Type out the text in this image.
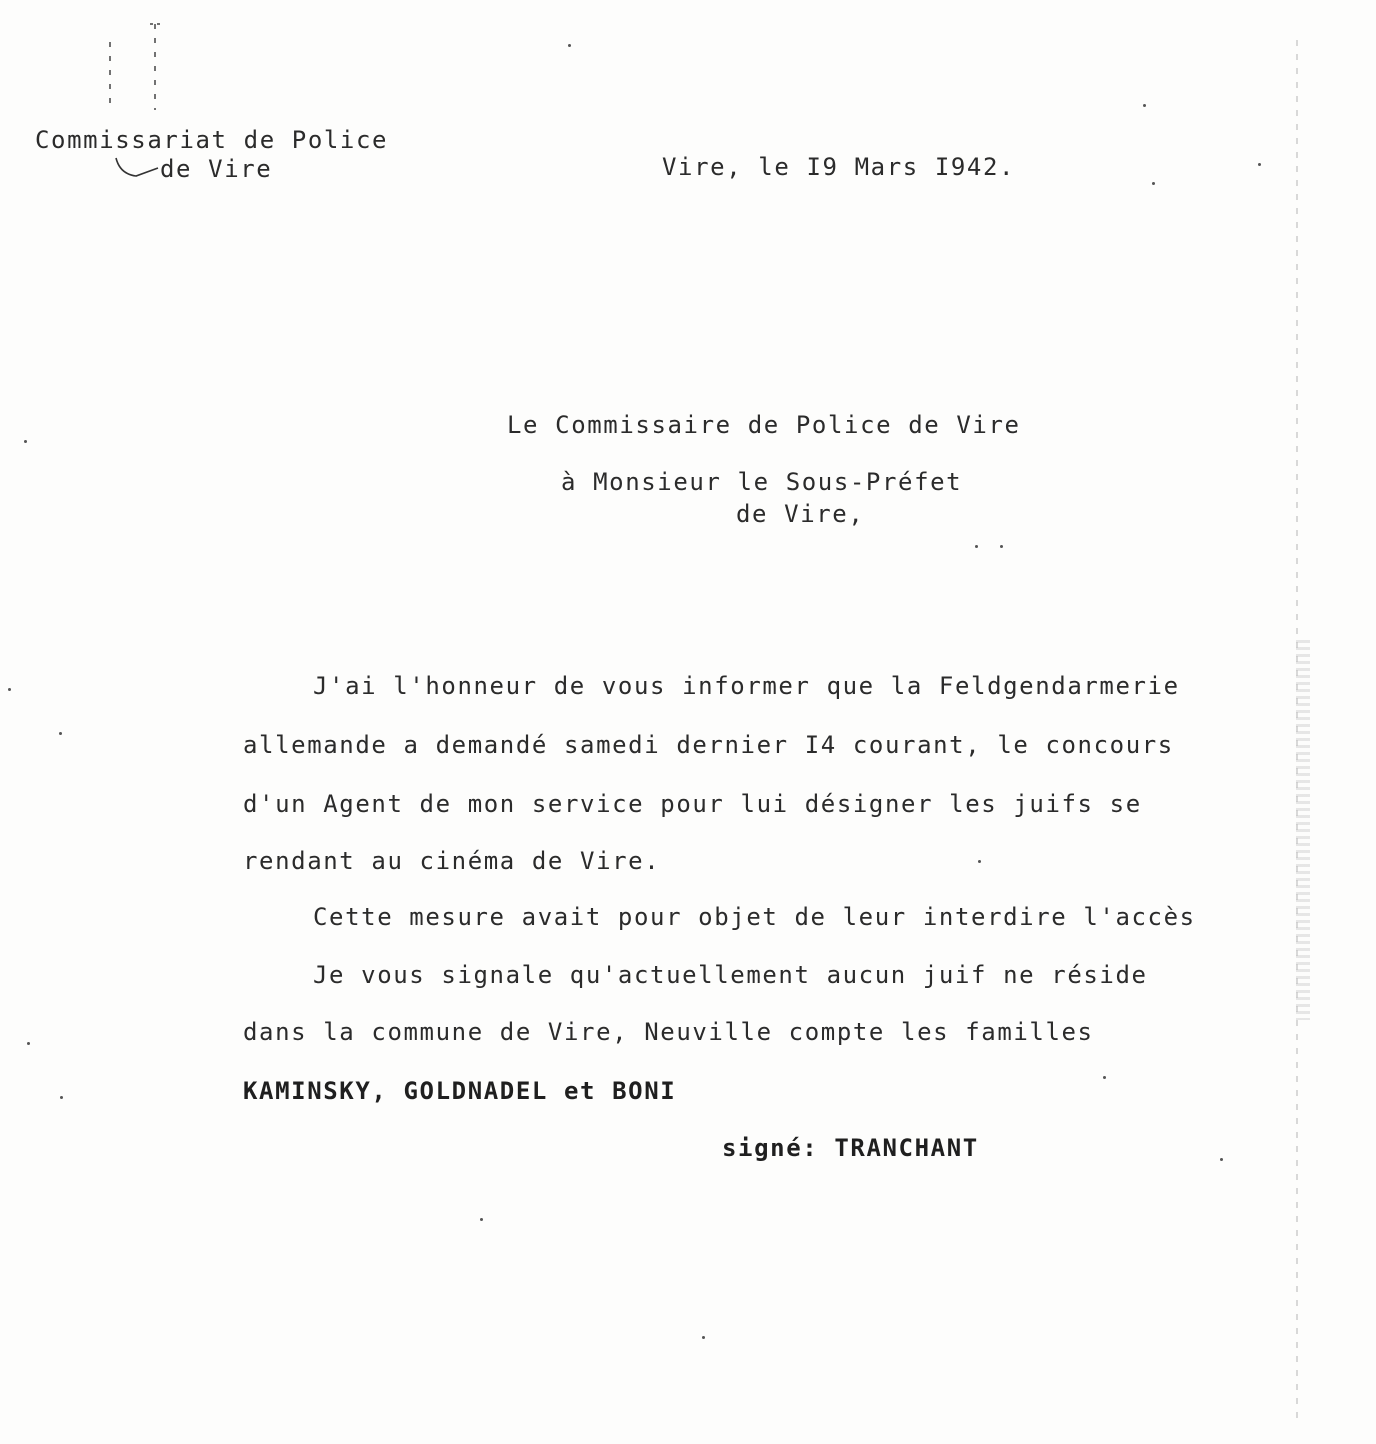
Commissariat de Police
de Vire	Vire, le I9 Mars I942.
Le Commissaire de Police de Vire
à Monsieur le Sous-Préfet
de Vire,
J'ai l'honneur de vous informer que la Feldgendarmerie
allemande a demandé samedi dernier I4 courant, le concours
d'un Agent de mon service pour lui désigner les juifs se
rendant au cinéma de Vire.
Cette mesure avait pour objet de leur interdire l'accès
Je vous signale qu'actuellement aucun juif ne réside
dans la commune de Vire, Neuville compte les familles
KAMINSKY, GOLDNADEL et BONI
signé: TRANCHANT
